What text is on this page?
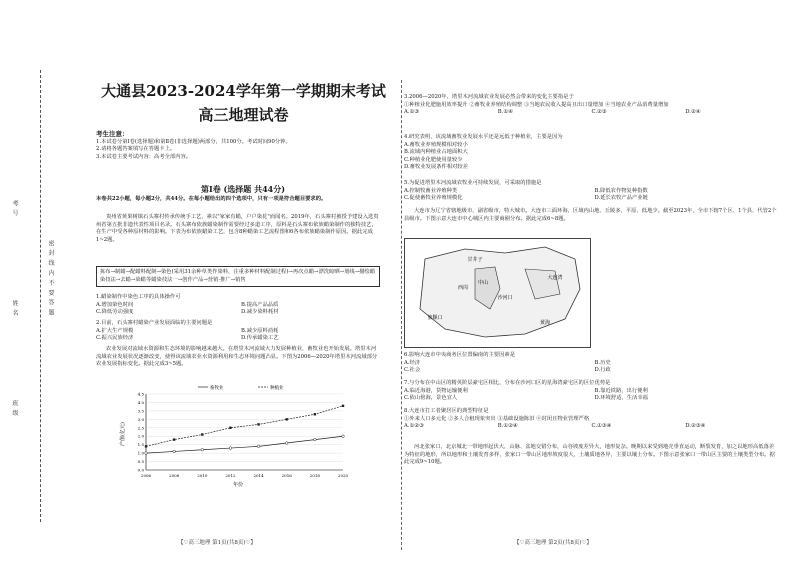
考 号
姓 名
班 级
密 封 线 内 不 要 答 题
大通县2023-2024学年第一学期期末考试
高三地理试卷
考生注意：
1.本试卷分第Ⅰ卷(选择题)和第Ⅱ卷(非选择题)两部分，共100分。考试时间90分钟。
2.请将各题答案填写在答题卡上。
3.本试卷主要考试内容：高考全部内容。
第Ⅰ卷 (选择题 共44分)
本卷共22小题，每小题2分，共44分。在每小题给出的四个选项中，只有一项是符合题目要求的。
贵州省黄果树镇石头寨村传承传统手工艺，素以"家家有蜡，户户染花"而闻名。2019年，石头寨村被授予建设入选贵州省第五批非遗代表性项目名录。石头寨布依族蜡染制作需要经过多道工序，原料是石头寨布依族蜡染制作的独特技艺，在生产中受各种原材料的影响。下表为布依族蜡染工艺，包含8种蜡染工艺流程图和6各布依族蜡染制作原因。据此完成1~2题。
拣布→制蜡→配蜡料配制→染色(采用31余种草类作染料，注重多种材料配制过程)→再次点蜡→漂洗晾晒→划线→描绘蜡染技法→去蜡→染蜡等蜡染技法一→创作产品→营销·推广→销售
1.蜡染制作中染色工序的具体操作可
A.增加染色时间	B.提高产品品质
C.降低劳动强度	D.减少染料耗材
2.目前，石头寨村蜡染产业发展面临的主要问题是
A.扩大生产规模	B.减少原料消耗
C.振兴民族经济	D.传承蜡染工艺
农业发展对流域水资源和生态环境的影响越来越大。在塔里木河流域大力发展种植业，畜牧业也开始发展。塔里木河流域农业发展状况逐渐改变，使得该流域农业水资源利用和生态环境问题凸显。下图为2006—2020年塔里木河流域部分农业发展指标变化。据此完成3~5题。
0.0
0.5
1.0
1.5
2.0
2.5
3.0
3.5
4.0
4.5
2006	2008	2010	2012	2014	2016	2018	2020
年份
产值(亿元)
畜牧业	种植业
【♡高三地理 第1页(共8页)♡】
3.2006—2020年，塔里木河流域农业发展必然会带来的变化主要指是于
①种植业化肥施用效率提升 ②畜牧业养殖结构调整 ③当地农民收入提高且出口量增加 ④当地农业产品消费量增加
A.①③	B.①④	C.②③	D.②④
4.研究表明，该流域畜牧业发展水平还是远低于种植业，主要是因为
A.畜牧业养殖规模相对较小
B.流域内种植业占地面积大
C.种植业化肥使用量较少
D.畜牧业发展条件相对较差
5.为促进塔里木河流域农牧业可持续发展，可采取的措施是
A.控制牧畜业养殖种类	B.降低农作物复种指数
C.促使畜牧业养殖规模化	D.延长农牧产品产业链
大连市为辽宁省辖地级市，副省级市，特大城市。大连市三面环海，区域内山地、丘陵多，平原、低地少。截至2023年，全市下辖7个区、1个县、代管2个县级市。下图示意大连市中心城区内主要商圈分布。据此完成6~8题。
中山
西岗
沙河口
甘井子
旅顺口
黄海
大连湾
6.影响大连市中央商务区位置偏南的主要因素是
A.经济	B.历史
C.社会	D.行政
7.与分布在中山区的精英阶层豪宅区相比，分布在沙河口区的星海湾豪宅区的区位优势是
A.临近海港，货物运输便利	B.靠近铁路，出行便利
C.依山傍海，景色宜人	D.环境舒适，生活幸福
8.大连市打工者聚居区的典型特征是
①外来人口多元化 ②多人合租现象突出 ③基础设施陈旧 ④封闭且物业管理严格
A.①②③	B.①②④	C.①③④	D.②③④
河北张家口，北京城北一带地形起伏大，山脉、盆地交错分布，山谷坡度差异大，地形复杂。晚期以来受到地壳垂直运动，断裂发育，加之以地形高低落差为特征的地形，所以地形和土壤发育多样，张家口一带山区地形坡度很大，土壤质地各异，主要以壤土分布。下图示意张家口一带山区主要的土壤类型分布。据此完成9~10题。
【♡高三地理 第2页(共8页)♡】
